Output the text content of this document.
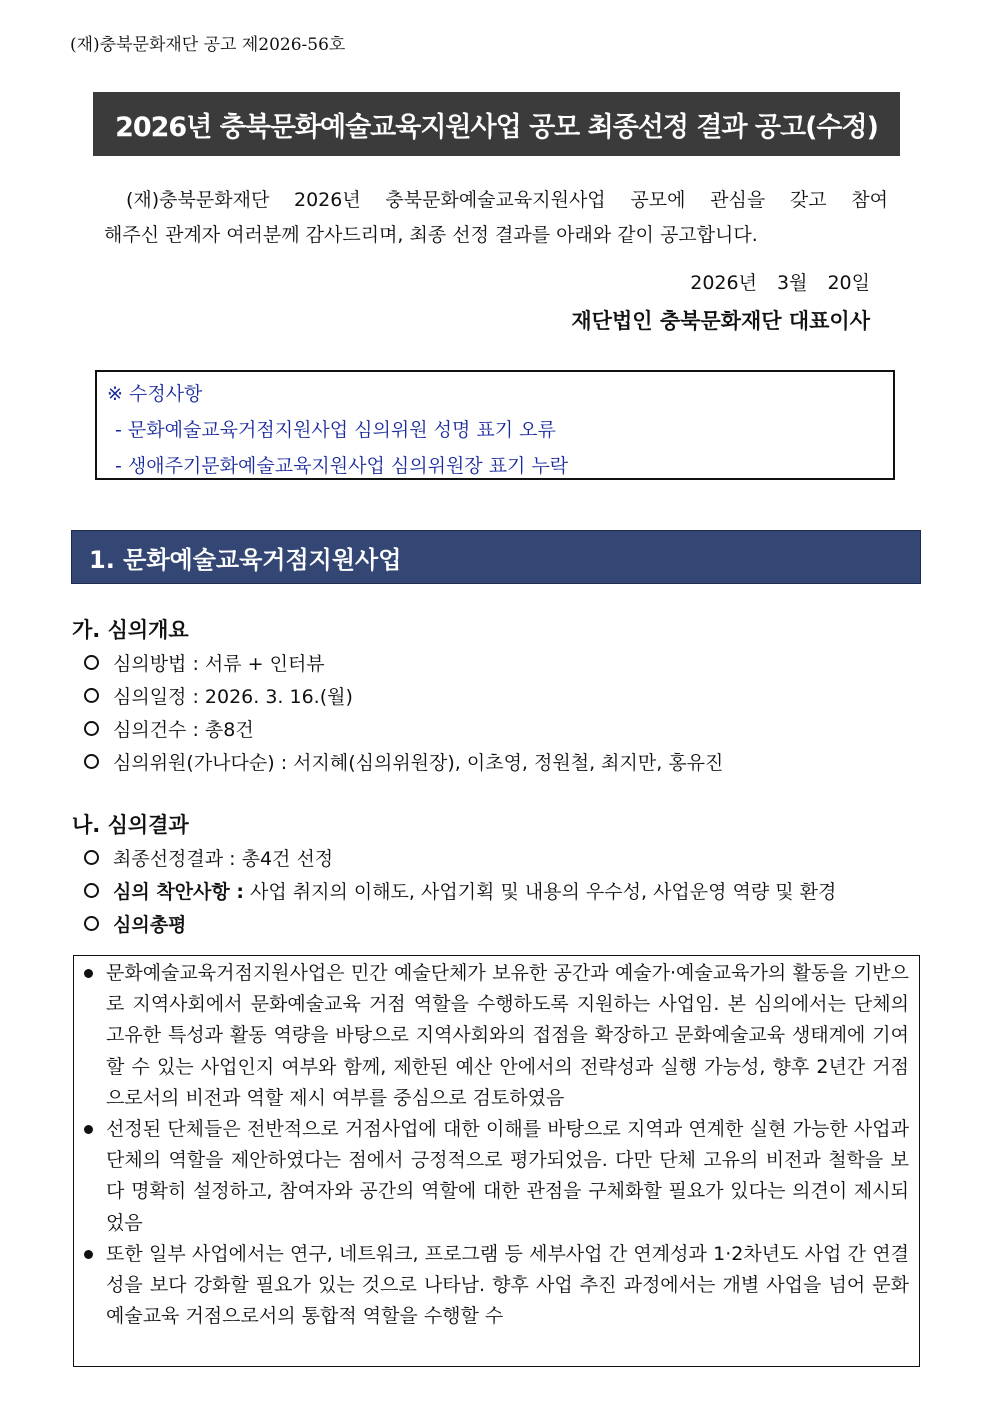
(재)충북문화재단 공고 제2026-56호
2026년 충북문화예술교육지원사업 공모 최종선정 결과 공고(수정)
(재)충북문화재단 2026년 충북문화예술교육지원사업 공모에 관심을 갖고 참여
해주신 관계자 여러분께 감사드리며, 최종 선정 결과를 아래와 같이 공고합니다.
2026년 3월 20일
재단법인 충북문화재단 대표이사
※ 수정사항
- 문화예술교육거점지원사업 심의위원 성명 표기 오류
- 생애주기문화예술교육지원사업 심의위원장 표기 누락
1. 문화예술교육거점지원사업
가. 심의개요
심의방법 : 서류 + 인터뷰
심의일정 : 2026. 3. 16.(월)
심의건수 : 총8건
심의위원(가나다순) : 서지혜(심의위원장), 이초영, 정원철, 최지만, 홍유진
나. 심의결과
최종선정결과 : 총4건 선정
심의 착안사항 : 사업 취지의 이해도, 사업기획 및 내용의 우수성, 사업운영 역량 및 환경
심의총평
문화예술교육거점지원사업은 민간 예술단체가 보유한 공간과 예술가·예술교육가의 활동을 기반으로 지역사회에서 문화예술교육 거점 역할을 수행하도록 지원하는 사업임. 본 심의에서는 단체의 고유한 특성과 활동 역량을 바탕으로 지역사회와의 접점을 확장하고 문화예술교육 생태계에 기여할 수 있는 사업인지 여부와 함께, 제한된 예산 안에서의 전략성과 실행 가능성, 향후 2년간 거점으로서의 비전과 역할 제시 여부를 중심으로 검토하였음
선정된 단체들은 전반적으로 거점사업에 대한 이해를 바탕으로 지역과 연계한 실현 가능한 사업과 단체의 역할을 제안하였다는 점에서 긍정적으로 평가되었음. 다만 단체 고유의 비전과 철학을 보다 명확히 설정하고, 참여자와 공간의 역할에 대한 관점을 구체화할 필요가 있다는 의견이 제시되었음
또한 일부 사업에서는 연구, 네트워크, 프로그램 등 세부사업 간 연계성과 1·2차년도 사업 간 연결성을 보다 강화할 필요가 있는 것으로 나타남. 향후 사업 추진 과정에서는 개별 사업을 넘어 문화예술교육 거점으로서의 통합적 역할을 수행할 수
